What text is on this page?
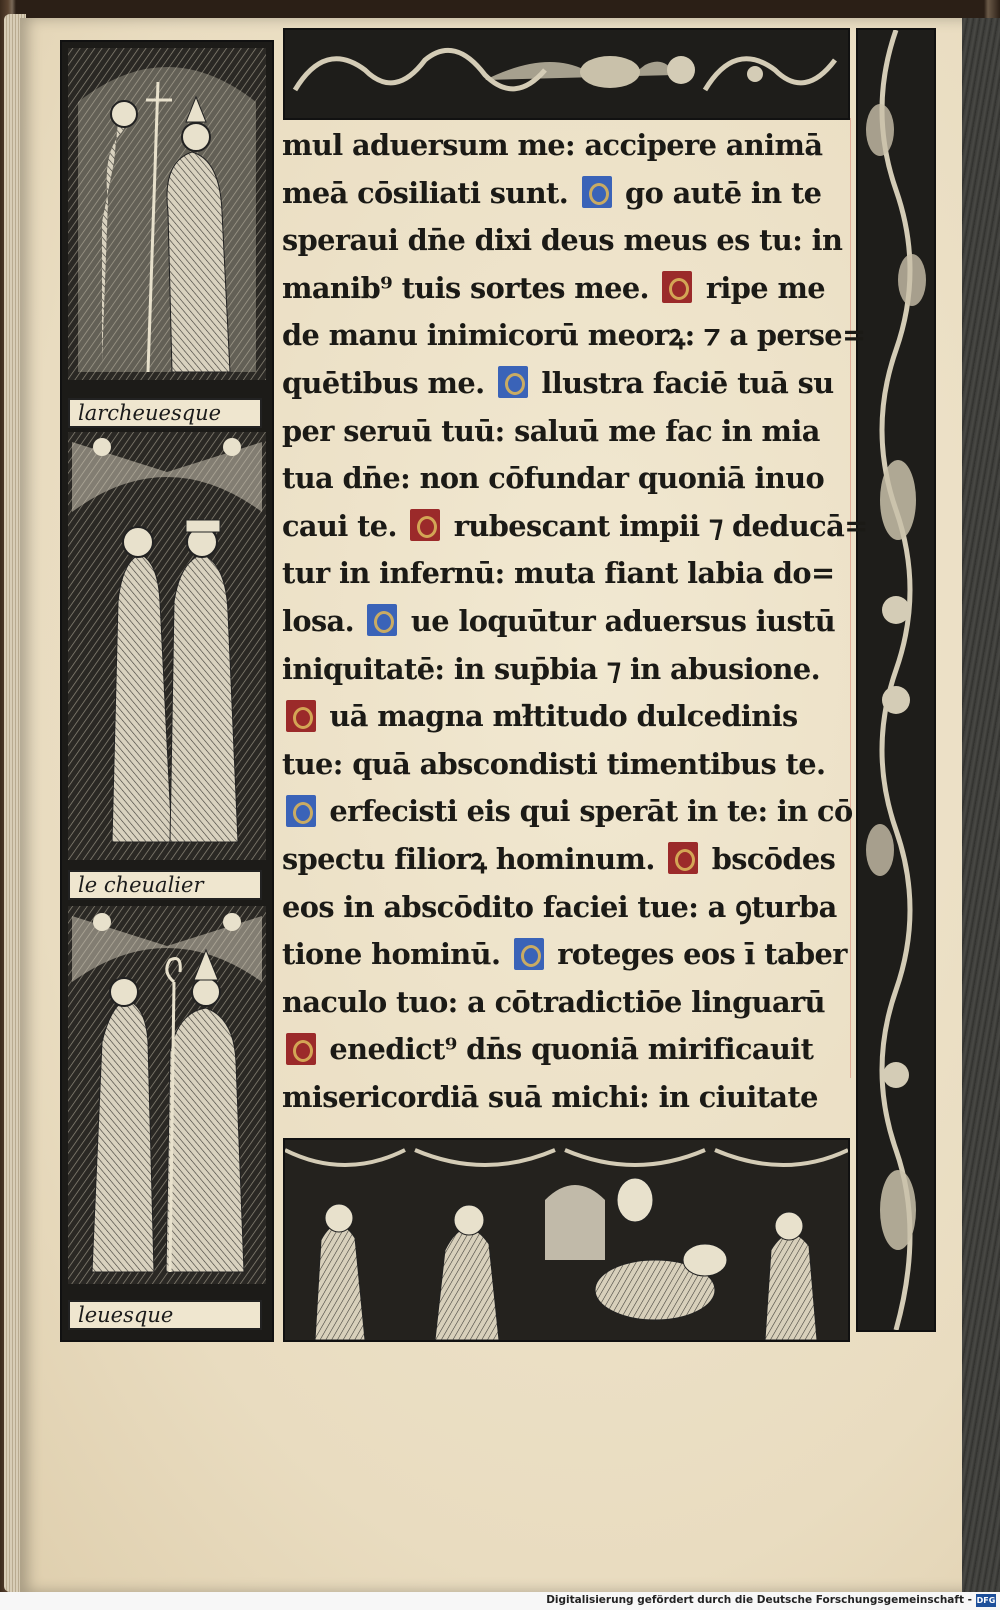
larcheuesque
le cheualier
leuesque
mul aduersum me: accipere animā
meā cōsiliati sunt.  go autē in te
speraui dn̄e dixi deus meus es tu: in
manib⁹ tuis sortes mee.  ripe me
de manu inimicorū meorꝝ: ⁊ a perse=
quētibus me.  llustra faciē tuā su
per seruū tuū: saluū me fac in mia
tua dn̄e: non cōfundar quoniā inuo
caui te.  rubescant impii ⁊ deducā=
tur in infernū: muta fiant labia do=
losa.  ue loquūtur aduersus iustū
iniquitatē: in sup̄bia ⁊ in abusione.
uā magna mł̄titudo dulcedinis
tue: quā abscondisti timentibus te.
erfecisti eis qui sperāt in te: in cō
spectu filiorꝝ hominum.  bscōdes
eos in abscōdito faciei tue: a ꝯturba
tione hominū.  roteges eos ī taber
naculo tuo: a cōtradictiōe linguarū
enedict⁹ dn̄s quoniā mirificauit
misericordiā suā michi: in ciuitate
Digitalisierung gefördert durch die Deutsche Forschungsgemeinschaft - DFG
